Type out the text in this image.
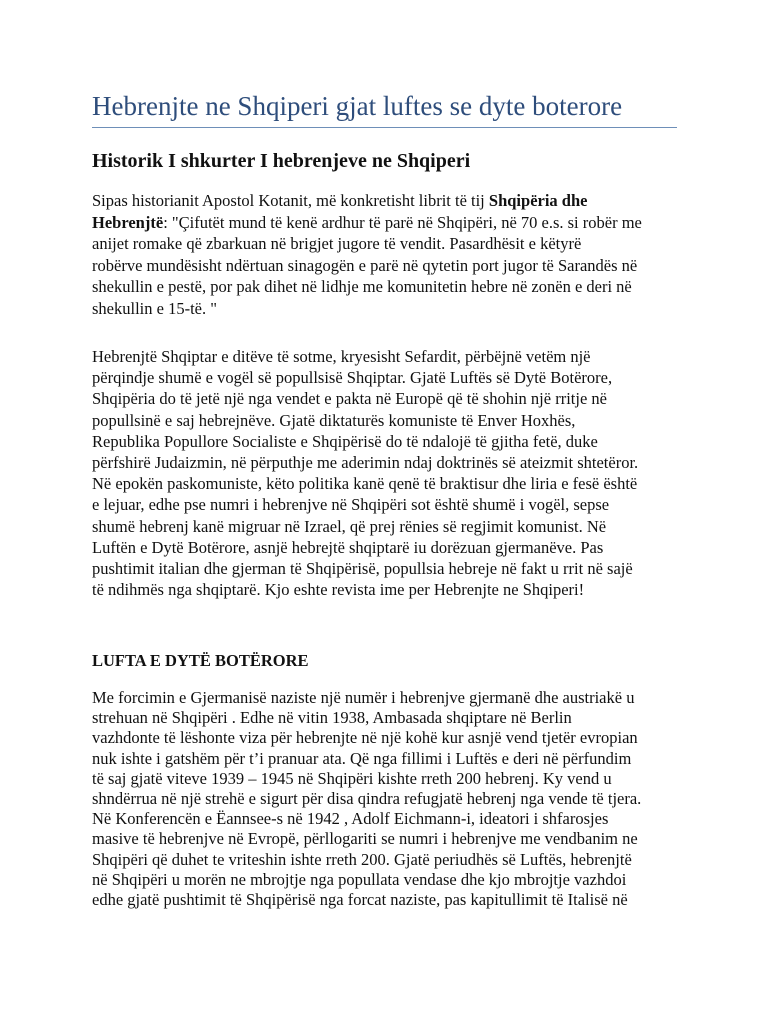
Hebrenjte ne Shqiperi gjat luftes se dyte boterore
Historik I shkurter I hebrenjeve ne Shqiperi
Sipas historianit Apostol Kotanit, më konkretisht librit të tij Shqipëria dhe
Hebrenjtë: "Çifutët mund të kenë ardhur të parë në Shqipëri, në 70 e.s. si robër me
anijet romake që zbarkuan në brigjet jugore të vendit. Pasardhësit e këtyrë
robërve mundësisht ndërtuan sinagogën e parë në qytetin port jugor të Sarandës në
shekullin e pestë, por pak dihet në lidhje me komunitetin hebre në zonën e deri në
shekullin e 15-të. "
Hebrenjtë Shqiptar e ditëve të sotme, kryesisht Sefardit, përbëjnë vetëm një
përqindje shumë e vogël së popullsisë Shqiptar. Gjatë Luftës së Dytë Botërore,
Shqipëria do të jetë një nga vendet e pakta në Europë që të shohin një rritje në
popullsinë e saj hebrejnëve. Gjatë diktaturës komuniste të Enver Hoxhës,
Republika Popullore Socialiste e Shqipërisë do të ndalojë të gjitha fetë, duke
përfshirë Judaizmin, në përputhje me aderimin ndaj doktrinës së ateizmit shtetëror.
Në epokën paskomuniste, këto politika kanë qenë të braktisur dhe liria e fesë është
e lejuar, edhe pse numri i hebrenjve në Shqipëri sot është shumë i vogël, sepse
shumë hebrenj kanë migruar në Izrael, që prej rënies së regjimit komunist. Në
Luftën e Dytë Botërore, asnjë hebrejtë shqiptarë iu dorëzuan gjermanëve. Pas
pushtimit italian dhe gjerman të Shqipërisë, popullsia hebreje në fakt u rrit në sajë
të ndihmës nga shqiptarë. Kjo eshte revista ime per Hebrenjte ne Shqiperi!
LUFTA E DYTË BOTËRORE
Me forcimin e Gjermanisë naziste një numër i hebrenjve gjermanë dhe austriakë u
strehuan në Shqipëri . Edhe në vitin 1938, Ambasada shqiptare në Berlin
vazhdonte të lëshonte viza për hebrenjte në një kohë kur asnjë vend tjetër evropian
nuk ishte i gatshëm për t’i pranuar ata. Që nga fillimi i Luftës e deri në përfundim
të saj gjatë viteve 1939 – 1945 në Shqipëri kishte rreth 200 hebrenj. Ky vend u
shndërrua në një strehë e sigurt për disa qindra refugjatë hebrenj nga vende të tjera.
Në Konferencën e Ëannsee-s në 1942 , Adolf Eichmann-i, ideatori i shfarosjes
masive të hebrenjve në Evropë, përllogariti se numri i hebrenjve me vendbanim ne
Shqipëri që duhet te vriteshin ishte rreth 200. Gjatë periudhës së Luftës, hebrenjtë
në Shqipëri u morën ne mbrojtje nga popullata vendase dhe kjo mbrojtje vazhdoi
edhe gjatë pushtimit të Shqipërisë nga forcat naziste, pas kapitullimit të Italisë në
